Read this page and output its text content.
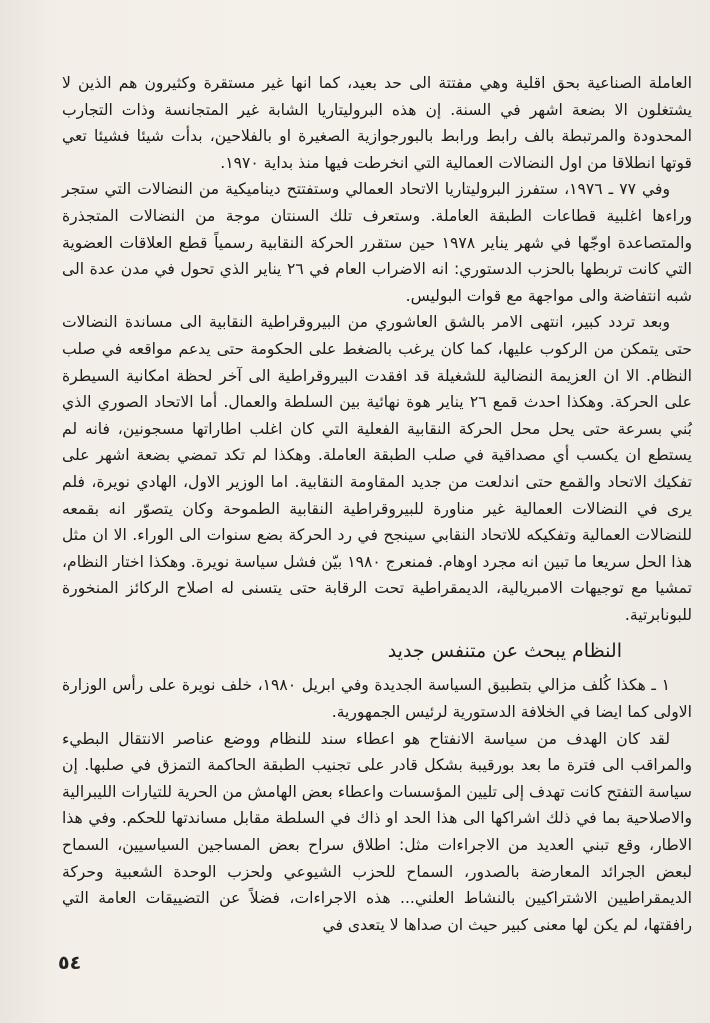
العاملة الصناعية بحق اقلية وهي مفتتة الى حد بعيد، كما انها غير مستقرة وكثيرون هم الذين لا يشتغلون الا بضعة اشهر في السنة. إن هذه البروليتاريا الشابة غير المتجانسة وذات التجارب المحدودة والمرتبطة بالف رابط ورابط بالبورجوازية الصغيرة او بالفلاحين، بدأت شيئا فشيئا تعي قوتها انطلاقا من اول النضالات العمالية التي انخرطت فيها منذ بداية ١٩٧٠.

وفي ٧٧ ـ ١٩٧٦، ستفرز البروليتاريا الاتحاد العمالي وستفتتح ديناميكية من النضالات التي ستجر وراءها اغلبية قطاعات الطبقة العاملة. وستعرف تلك السنتان موجة من النضالات المتجذرة والمتصاعدة اوجّها في شهر يناير ١٩٧٨ حين ستقرر الحركة النقابية رسمياً قطع العلاقات العضوية التي كانت تربطها بالحزب الدستوري: انه الاضراب العام في ٢٦ يناير الذي تحول في مدن عدة الى شبه انتفاضة والى مواجهة مع قوات البوليس.

وبعد تردد كبير، انتهى الامر بالشق العاشوري من البيروقراطية النقابية الى مساندة النضالات حتى يتمكن من الركوب عليها، كما كان يرغب بالضغط على الحكومة حتى يدعم مواقعه في صلب النظام. الا ان العزيمة النضالية للشغيلة قد افقدت البيروقراطية الى آخر لحظة امكانية السيطرة على الحركة. وهكذا احدث قمع ٢٦ يناير هوة نهائية بين السلطة والعمال. أما الاتحاد الصوري الذي بُني بسرعة حتى يحل محل الحركة النقابية الفعلية التي كان اغلب اطاراتها مسجونين، فانه لم يستطع ان يكسب أي مصداقية في صلب الطبقة العاملة. وهكذا لم تكد تمضي بضعة اشهر على تفكيك الاتحاد والقمع حتى اندلعت من جديد المقاومة النقابية. اما الوزير الاول، الهادي نويرة، فلم يرى في النضالات العمالية غير مناورة للبيروقراطية النقابية الطموحة وكان يتصوّر انه بقمعه للنضالات العمالية وتفكيكه للاتحاد النقابي سينجح في رد الحركة بضع سنوات الى الوراء. الا ان مثل هذا الحل سريعا ما تبين انه مجرد اوهام. فمنعرج ١٩٨٠ بيّن فشل سياسة نويرة. وهكذا اختار النظام، تمشيا مع توجيهات الامبريالية، الديمقراطية تحت الرقابة حتى يتسنى له اصلاح الركائز المنخورة للبونابرتية.

النظام يبحث عن متنفس جديد

١ ـ هكذا كُلف مزالي بتطبيق السياسة الجديدة وفي ابريل ١٩٨٠، خلف نويرة على رأس الوزارة الاولى كما ايضا في الخلافة الدستورية لرئيس الجمهورية.

لقد كان الهدف من سياسة الانفتاح هو اعطاء سند للنظام ووضع عناصر الانتقال البطيء والمراقب الى فترة ما بعد بورقيبة بشكل قادر على تجنيب الطبقة الحاكمة التمزق في صلبها. إن سياسة التفتح كانت تهدف إلى تليين المؤسسات واعطاء بعض الهامش من الحرية للتيارات الليبرالية والاصلاحية بما في ذلك اشراكها الى هذا الحد او ذاك في السلطة مقابل مساندتها للحكم. وفي هذا الاطار، وقع تبني العديد من الاجراءات مثل: اطلاق سراح بعض المساجين السياسيين، السماح لبعض الجرائد المعارضة بالصدور، السماح للحزب الشيوعي ولحزب الوحدة الشعبية وحركة الديمقراطيين الاشتراكيين بالنشاط العلني... هذه الاجراءات، فضلاً عن التضييقات العامة التي رافقتها، لم يكن لها معنى كبير حيث ان صداها لا يتعدى في

٥٤
